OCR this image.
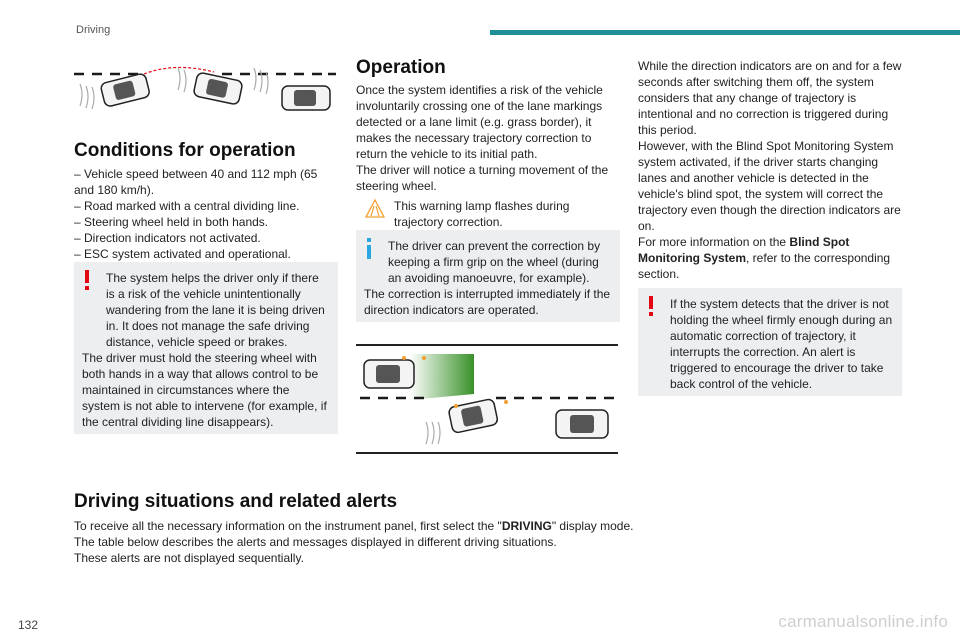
Driving
Conditions for operation

– Vehicle speed between 40 and 112 mph (65 and 180 km/h).

– Road marked with a central dividing line.

– Steering wheel held in both hands.

– Direction indicators not activated.

– ESC system activated and operational.

The system helps the driver only if there is a risk of the vehicle unintentionally wandering from the lane it is being driven in. It does not manage the safe driving distance, vehicle speed or brakes.

The driver must hold the steering wheel with both hands in a way that allows control to be maintained in circumstances where the system is not able to intervene (for example, if the central dividing line disappears).

Operation

Once the system identifies a risk of the vehicle involuntarily crossing one of the lane markings detected or a lane limit (e.g. grass border), it makes the necessary trajectory correction to return the vehicle to its initial path.

The driver will notice a turning movement of the steering wheel.

This warning lamp flashes during trajectory correction.

The driver can prevent the correction by keeping a firm grip on the wheel (during an avoiding manoeuvre, for example).

The correction is interrupted immediately if the direction indicators are operated.

While the direction indicators are on and for a few seconds after switching them off, the system considers that any change of trajectory is intentional and no correction is triggered during this period.

However, with the Blind Spot Monitoring System system activated, if the driver starts changing lanes and another vehicle is detected in the vehicle's blind spot, the system will correct the trajectory even though the direction indicators are on.

For more information on the Blind Spot Monitoring System, refer to the corresponding section.

If the system detects that the driver is not holding the wheel firmly enough during an automatic correction of trajectory, it interrupts the correction. An alert is triggered to encourage the driver to take back control of the vehicle.

Driving situations and related alerts

To receive all the necessary information on the instrument panel, first select the "DRIVING" display mode.

The table below describes the alerts and messages displayed in different driving situations.

These alerts are not displayed sequentially.

132	carmanualsonline.info
